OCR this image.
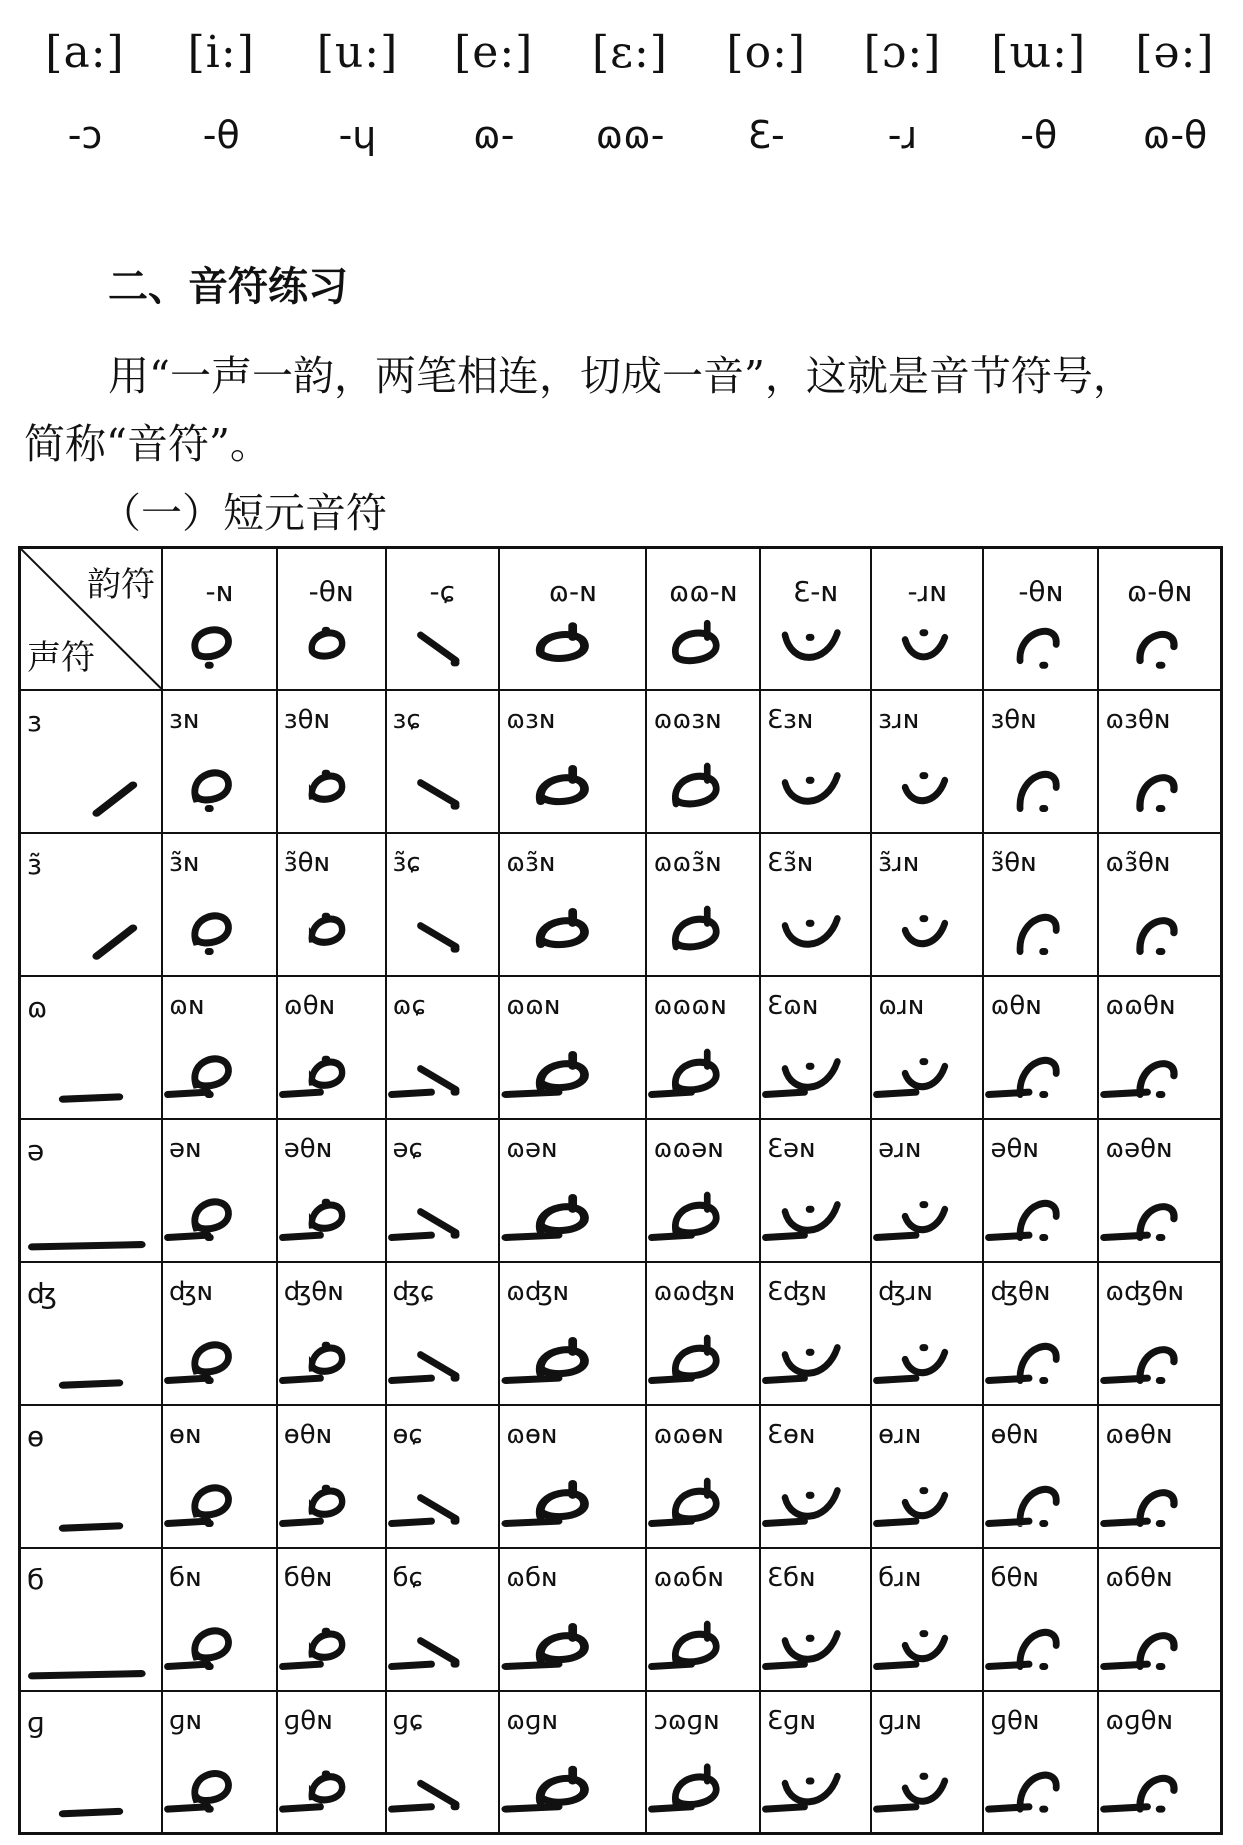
[a:]	[i:]	[u:]	[e:]	[ɛ:]	[o:]	[ɔ:]	[ɯ:]	[ə:]
-ɔ	-θ	-ɥ	ɷ-	ɷɷ-	Ɛ-	-ɹ	-θ	ɷ-θ
二、音符练习
用“一声一韵，两笔相连，切成一音”，这就是音节符号，
简称“音符”。
（一）短元音符
韵符
声符	-ɴ	-θɴ	-ɕ	ɷ-ɴ	ɷɷ-ɴ	Ɛ-ɴ	-ɹɴ	-θɴ	ɷ-θɴ

ɜ	ɜɴ	ɜθɴ	ɜɕ	ɷɜɴ	ɷɷɜɴ	Ɛɜɴ	ɜɹɴ	ɜθɴ	ɷɜθɴ

ɜ̃	ɜ̃ɴ	ɜ̃θɴ	ɜ̃ɕ	ɷɜ̃ɴ	ɷɷɜ̃ɴ	Ɛɜ̃ɴ	ɜ̃ɹɴ	ɜ̃θɴ	ɷɜ̃θɴ

ɷ	ɷɴ	ɷθɴ	ɷɕ	ɷɷɴ	ɷɷɷɴ	Ɛɷɴ	ɷɹɴ	ɷθɴ	ɷɷθɴ

ə	əɴ	əθɴ	əɕ	ɷəɴ	ɷɷəɴ	Ɛəɴ	əɹɴ	əθɴ	ɷəθɴ

ʤ	ʤɴ	ʤθɴ	ʤɕ	ɷʤɴ	ɷɷʤɴ	Ɛʤɴ	ʤɹɴ	ʤθɴ	ɷʤθɴ

ɵ	ɵɴ	ɵθɴ	ɵɕ	ɷɵɴ	ɷɷɵɴ	Ɛɵɴ	ɵɹɴ	ɵθɴ	ɷɵθɴ

б	бɴ	бθɴ	бɕ	ɷбɴ	ɷɷбɴ	Ɛбɴ	бɹɴ	бθɴ	ɷбθɴ

ɡ	ɡɴ	ɡθɴ	ɡɕ	ɷɡɴ	ɔɷɡɴ	Ɛɡɴ	ɡɹɴ	ɡθɴ	ɷɡθɴ
